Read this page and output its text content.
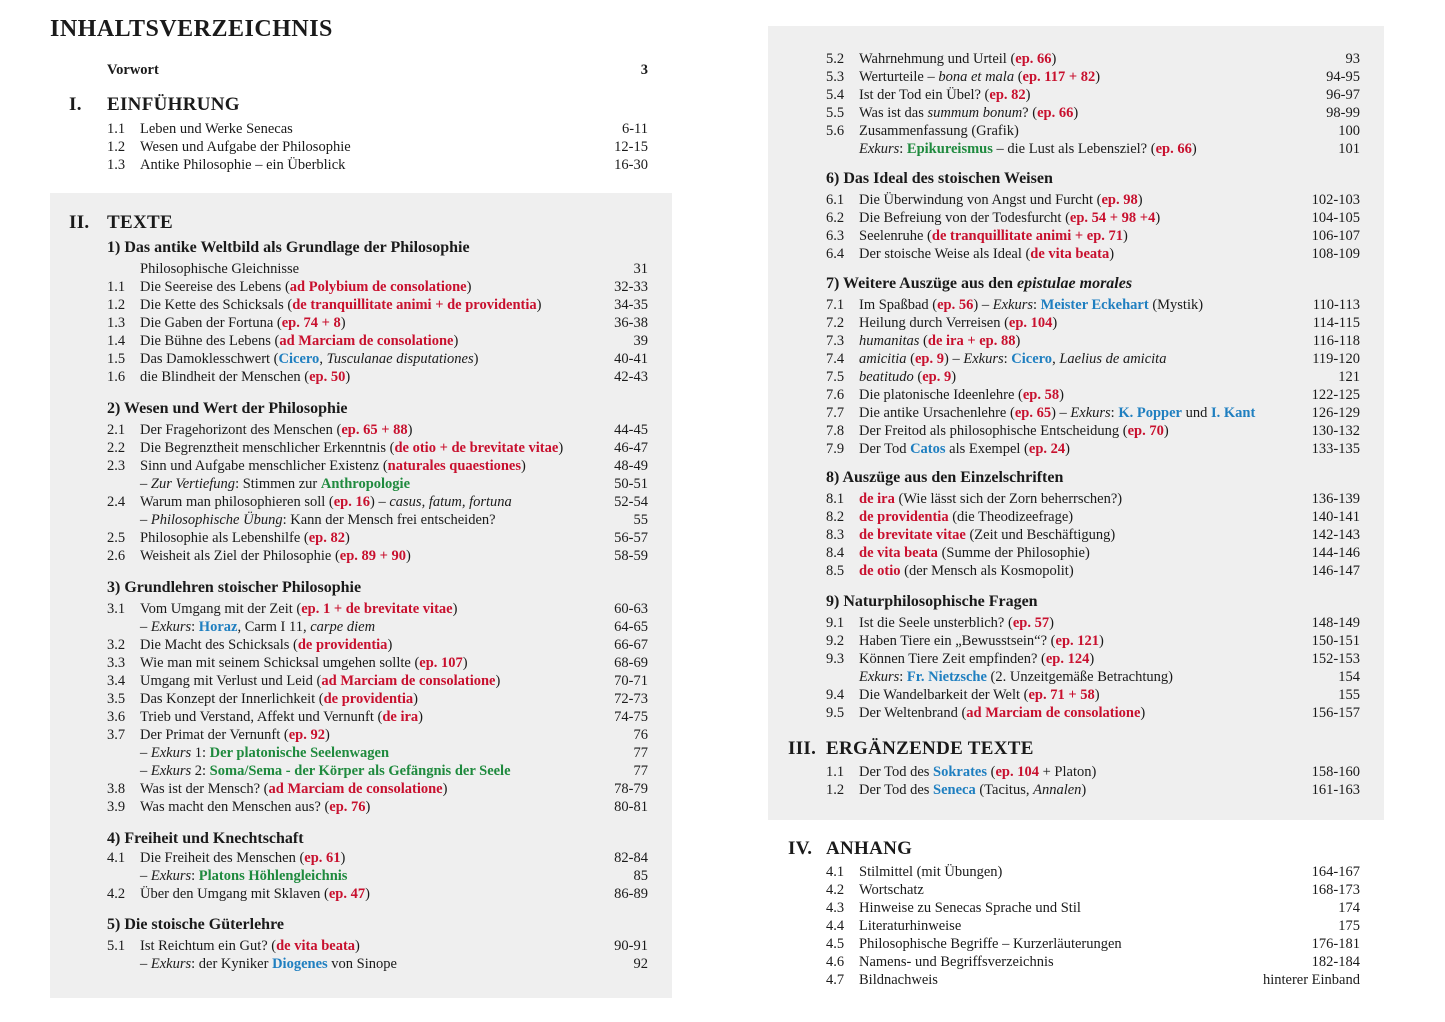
INHALTSVERZEICHNIS
Vorwort	3
I. EINFÜHRUNG
II. TEXTE
III. ERGÄNZENDE TEXTE
IV. ANHANG
1) Das antike Weltbild als Grundlage der Philosophie
2) Wesen und Wert der Philosophie
3) Grundlehren stoischer Philosophie
4) Freiheit und Knechtschaft
5) Die stoische Güterlehre
6) Das Ideal des stoischen Weisen
7) Weitere Auszüge aus den epistulae morales
8) Auszüge aus den Einzelschriften
9) Naturphilosophische Fragen
1.1 Leben und Werke Senecas	6-11
1.2 Wesen und Aufgabe der Philosophie	12-15
1.3 Antike Philosophie – ein Überblick	16-30
Philosophische Gleichnisse	31
1.1 Die Seereise des Lebens (ad Polybium de consolatione)	32-33
1.2 Die Kette des Schicksals (de tranquillitate animi + de providentia)	34-35
1.3 Die Gaben der Fortuna (ep. 74 + 8)	36-38
1.4 Die Bühne des Lebens (ad Marciam de consolatione)	39
1.5 Das Damoklesschwert (Cicero, Tusculanae disputationes)	40-41
1.6 die Blindheit der Menschen (ep. 50)	42-43
2.1 Der Fragehorizont des Menschen (ep. 65 + 88)	44-45
2.2 Die Begrenztheit menschlicher Erkenntnis (de otio + de brevitate vitae)	46-47
2.3 Sinn und Aufgabe menschlicher Existenz (naturales quaestiones)	48-49
– Zur Vertiefung: Stimmen zur Anthropologie	50-51
2.4 Warum man philosophieren soll (ep. 16) – casus, fatum, fortuna	52-54
– Philosophische Übung: Kann der Mensch frei entscheiden?	55
2.5 Philosophie als Lebenshilfe (ep. 82)	56-57
2.6 Weisheit als Ziel der Philosophie (ep. 89 + 90)	58-59
3.1 Vom Umgang mit der Zeit (ep. 1 + de brevitate vitae)	60-63
– Exkurs: Horaz, Carm I 11, carpe diem	64-65
3.2 Die Macht des Schicksals (de providentia)	66-67
3.3 Wie man mit seinem Schicksal umgehen sollte (ep. 107)	68-69
3.4 Umgang mit Verlust und Leid (ad Marciam de consolatione)	70-71
3.5 Das Konzept der Innerlichkeit (de providentia)	72-73
3.6 Trieb und Verstand, Affekt und Vernunft (de ira)	74-75
3.7 Der Primat der Vernunft (ep. 92)	76
– Exkurs 1: Der platonische Seelenwagen	77
– Exkurs 2: Soma/Sema - der Körper als Gefängnis der Seele	77
3.8 Was ist der Mensch? (ad Marciam de consolatione)	78-79
3.9 Was macht den Menschen aus? (ep. 76)	80-81
4.1 Die Freiheit des Menschen (ep. 61)	82-84
– Exkurs: Platons Höhlengleichnis	85
4.2 Über den Umgang mit Sklaven (ep. 47)	86-89
5.1 Ist Reichtum ein Gut? (de vita beata)	90-91
– Exkurs: der Kyniker Diogenes von Sinope	92
5.2 Wahrnehmung und Urteil (ep. 66)	93
5.3 Werturteile – bona et mala (ep. 117 + 82)	94-95
5.4 Ist der Tod ein Übel? (ep. 82)	96-97
5.5 Was ist das summum bonum? (ep. 66)	98-99
5.6 Zusammenfassung (Grafik)	100
Exkurs: Epikureismus – die Lust als Lebensziel? (ep. 66)	101
6.1 Die Überwindung von Angst und Furcht (ep. 98)	102-103
6.2 Die Befreiung von der Todesfurcht (ep. 54 + 98 +4)	104-105
6.3 Seelenruhe (de tranquillitate animi + ep. 71)	106-107
6.4 Der stoische Weise als Ideal (de vita beata)	108-109
7.1 Im Spaßbad (ep. 56) – Exkurs: Meister Eckehart (Mystik)	110-113
7.2 Heilung durch Verreisen (ep. 104)	114-115
7.3 humanitas (de ira + ep. 88)	116-118
7.4 amicitia (ep. 9) – Exkurs: Cicero, Laelius de amicita	119-120
7.5 beatitudo (ep. 9)	121
7.6 Die platonische Ideenlehre (ep. 58)	122-125
7.7 Die antike Ursachenlehre (ep. 65) – Exkurs: K. Popper und I. Kant	126-129
7.8 Der Freitod als philosophische Entscheidung (ep. 70)	130-132
7.9 Der Tod Catos als Exempel (ep. 24)	133-135
8.1 de ira (Wie lässt sich der Zorn beherrschen?)	136-139
8.2 de providentia (die Theodizeefrage)	140-141
8.3 de brevitate vitae (Zeit und Beschäftigung)	142-143
8.4 de vita beata (Summe der Philosophie)	144-146
8.5 de otio (der Mensch als Kosmopolit)	146-147
9.1 Ist die Seele unsterblich? (ep. 57)	148-149
9.2 Haben Tiere ein „Bewusstsein“? (ep. 121)	150-151
9.3 Können Tiere Zeit empfinden? (ep. 124)	152-153
Exkurs: Fr. Nietzsche (2. Unzeitgemäße Betrachtung)	154
9.4 Die Wandelbarkeit der Welt (ep. 71 + 58)	155
9.5 Der Weltenbrand (ad Marciam de consolatione)	156-157
1.1 Der Tod des Sokrates (ep. 104 + Platon)	158-160
1.2 Der Tod des Seneca (Tacitus, Annalen)	161-163
4.1 Stilmittel (mit Übungen)	164-167
4.2 Wortschatz	168-173
4.3 Hinweise zu Senecas Sprache und Stil	174
4.4 Literaturhinweise	175
4.5 Philosophische Begriffe – Kurzerläuterungen	176-181
4.6 Namens- und Begriffsverzeichnis	182-184
4.7 Bildnachweis	hinterer Einband
